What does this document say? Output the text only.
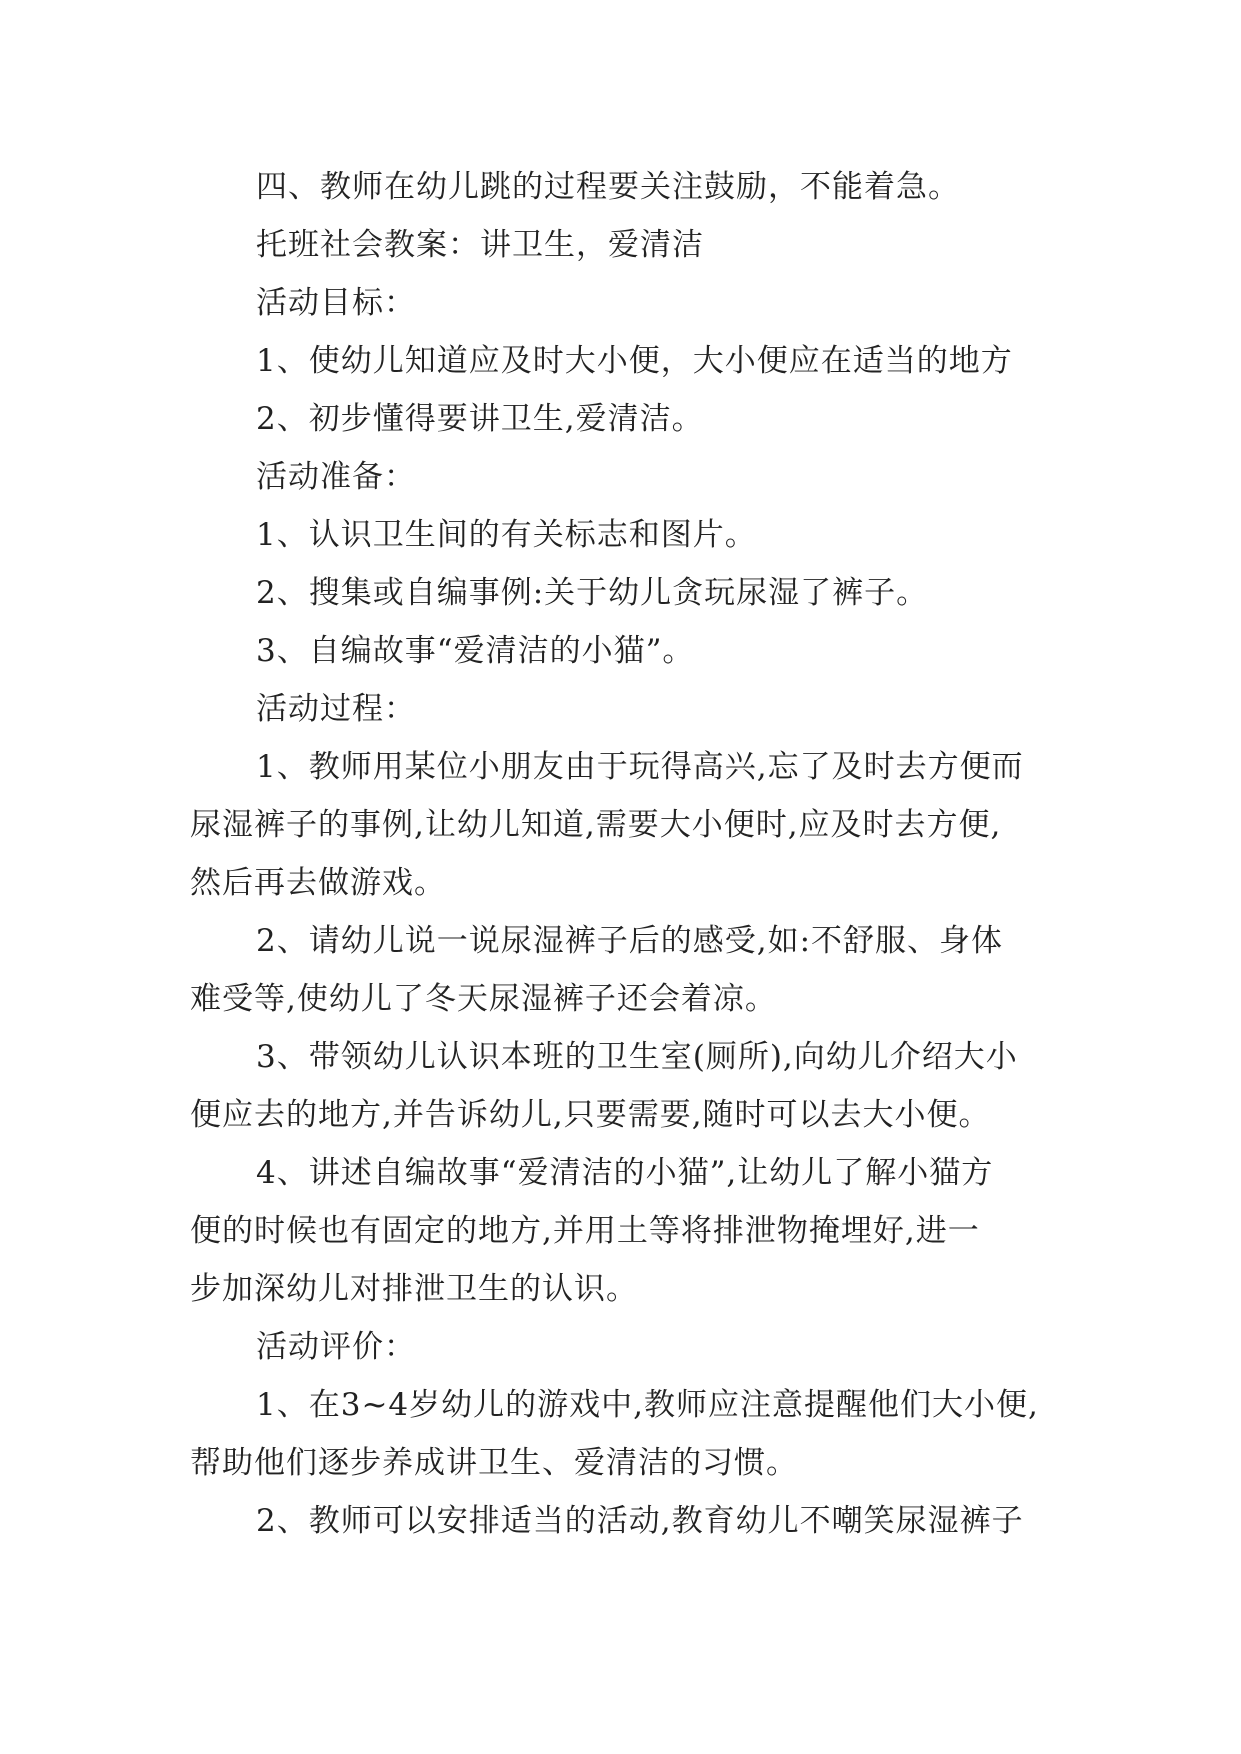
四、教师在幼儿跳的过程要关注鼓励，不能着急。
托班社会教案：讲卫生，爱清洁
活动目标：
1、使幼儿知道应及时大小便，大小便应在适当的地方
2、初步懂得要讲卫生,爱清洁。
活动准备：
1、认识卫生间的有关标志和图片。
2、搜集或自编事例:关于幼儿贪玩尿湿了裤子。
3、自编故事“爱清洁的小猫”。
活动过程：
1、教师用某位小朋友由于玩得高兴,忘了及时去方便而
尿湿裤子的事例,让幼儿知道,需要大小便时,应及时去方便,
然后再去做游戏。
2、请幼儿说一说尿湿裤子后的感受,如:不舒服、身体
难受等,使幼儿了冬天尿湿裤子还会着凉。
3、带领幼儿认识本班的卫生室(厕所),向幼儿介绍大小
便应去的地方,并告诉幼儿,只要需要,随时可以去大小便。
4、讲述自编故事“爱清洁的小猫”,让幼儿了解小猫方
便的时候也有固定的地方,并用土等将排泄物掩埋好,进一
步加深幼儿对排泄卫生的认识。
活动评价：
1、在3~4岁幼儿的游戏中,教师应注意提醒他们大小便,
帮助他们逐步养成讲卫生、爱清洁的习惯。
2、教师可以安排适当的活动,教育幼儿不嘲笑尿湿裤子
